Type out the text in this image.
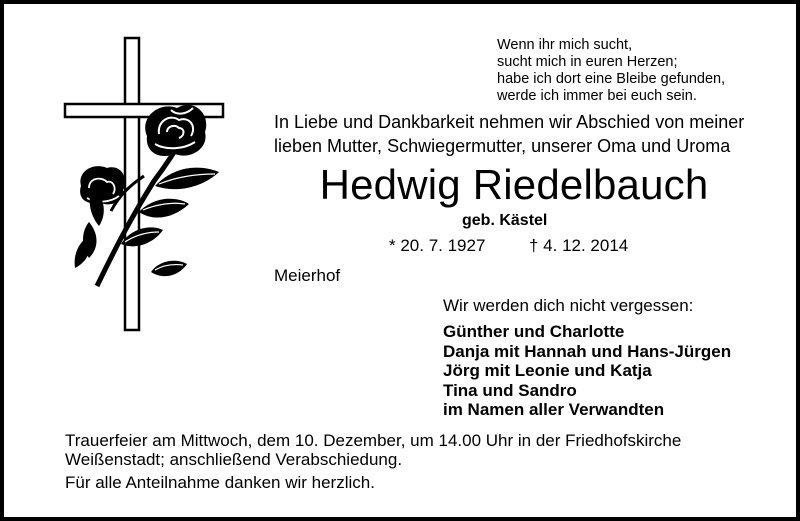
Wenn ihr mich sucht,
sucht mich in euren Herzen;
habe ich dort eine Bleibe gefunden,
werde ich immer bei euch sein.
In Liebe und Dankbarkeit nehmen wir Abschied von meiner
lieben Mutter, Schwiegermutter, unserer Oma und Uroma
Hedwig Riedelbauch
geb. Kästel
* 20. 7. 1927	† 4. 12. 2014
Meierhof
Wir werden dich nicht vergessen:
Günther und Charlotte
Danja mit Hannah und Hans-Jürgen
Jörg mit Leonie und Katja
Tina und Sandro
im Namen aller Verwandten
Trauerfeier am Mittwoch, dem 10. Dezember, um 14.00 Uhr in der Friedhofskirche
Weißenstadt; anschließend Verabschiedung.
Für alle Anteilnahme danken wir herzlich.
